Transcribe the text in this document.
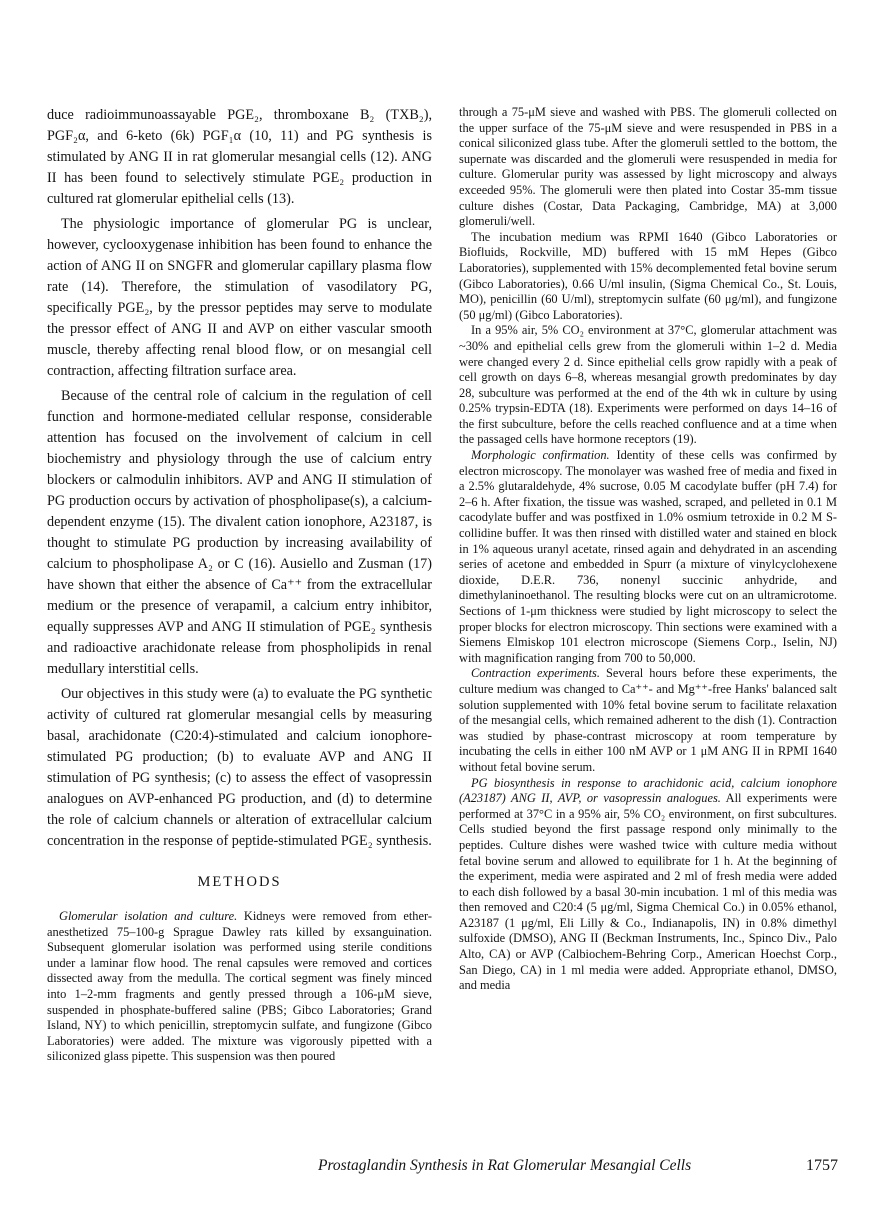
duce radioimmunoassayable PGE₂, thromboxane B₂ (TXB₂), PGF₂α, and 6-keto (6k) PGF₁α (10, 11) and PG synthesis is stimulated by ANG II in rat glomerular mesangial cells (12). ANG II has been found to selectively stimulate PGE₂ production in cultured rat glomerular epithelial cells (13).

The physiologic importance of glomerular PG is unclear, however, cyclooxygenase inhibition has been found to enhance the action of ANG II on SNGFR and glomerular capillary plasma flow rate (14). Therefore, the stimulation of vasodilatory PG, specifically PGE₂, by the pressor peptides may serve to modulate the pressor effect of ANG II and AVP on either vascular smooth muscle, thereby affecting renal blood flow, or on mesangial cell contraction, affecting filtration surface area.

Because of the central role of calcium in the regulation of cell function and hormone-mediated cellular response, considerable attention has focused on the involvement of calcium in cell biochemistry and physiology through the use of calcium entry blockers or calmodulin inhibitors. AVP and ANG II stimulation of PG production occurs by activation of phospholipase(s), a calcium-dependent enzyme (15). The divalent cation ionophore, A23187, is thought to stimulate PG production by increasing availability of calcium to phospholipase A₂ or C (16). Ausiello and Zusman (17) have shown that either the absence of Ca⁺⁺ from the extracellular medium or the presence of verapamil, a calcium entry inhibitor, equally suppresses AVP and ANG II stimulation of PGE₂ synthesis and radioactive arachidonate release from phospholipids in renal medullary interstitial cells.

Our objectives in this study were (a) to evaluate the PG synthetic activity of cultured rat glomerular mesangial cells by measuring basal, arachidonate (C20:4)-stimulated and calcium ionophore-stimulated PG production; (b) to evaluate AVP and ANG II stimulation of PG synthesis; (c) to assess the effect of vasopressin analogues on AVP-enhanced PG production, and (d) to determine the role of calcium channels or alteration of extracellular calcium concentration in the response of peptide-stimulated PGE₂ synthesis.

METHODS

Glomerular isolation and culture. Kidneys were removed from ether-anesthetized 75–100-g Sprague Dawley rats killed by exsanguination. Subsequent glomerular isolation was performed using sterile conditions under a laminar flow hood. The renal capsules were removed and cortices dissected away from the medulla. The cortical segment was finely minced into 1–2-mm fragments and gently pressed through a 106-μM sieve, suspended in phosphate-buffered saline (PBS; Gibco Laboratories; Grand Island, NY) to which penicillin, streptomycin sulfate, and fungizone (Gibco Laboratories) were added. The mixture was vigorously pipetted with a siliconized glass pipette. This suspension was then poured

through a 75-μM sieve and washed with PBS. The glomeruli collected on the upper surface of the 75-μM sieve and were resuspended in PBS in a conical siliconized glass tube. After the glomeruli settled to the bottom, the supernate was discarded and the glomeruli were resuspended in media for culture. Glomerular purity was assessed by light microscopy and always exceeded 95%. The glomeruli were then plated into Costar 35-mm tissue culture dishes (Costar, Data Packaging, Cambridge, MA) at 3,000 glomeruli/well.

The incubation medium was RPMI 1640 (Gibco Laboratories or Biofluids, Rockville, MD) buffered with 15 mM Hepes (Gibco Laboratories), supplemented with 15% decomplemented fetal bovine serum (Gibco Laboratories), 0.66 U/ml insulin, (Sigma Chemical Co., St. Louis, MO), penicillin (60 U/ml), streptomycin sulfate (60 μg/ml), and fungizone (50 μg/ml) (Gibco Laboratories).

In a 95% air, 5% CO₂ environment at 37°C, glomerular attachment was ~30% and epithelial cells grew from the glomeruli within 1–2 d. Media were changed every 2 d. Since epithelial cells grow rapidly with a peak of cell growth on days 6–8, whereas mesangial growth predominates by day 28, subculture was performed at the end of the 4th wk in culture by using 0.25% trypsin-EDTA (18). Experiments were performed on days 14–16 of the first subculture, before the cells reached confluence and at a time when the passaged cells have hormone receptors (19).

Morphologic confirmation. Identity of these cells was confirmed by electron microscopy. The monolayer was washed free of media and fixed in a 2.5% glutaraldehyde, 4% sucrose, 0.05 M cacodylate buffer (pH 7.4) for 2–6 h. After fixation, the tissue was washed, scraped, and pelleted in 0.1 M cacodylate buffer and was postfixed in 1.0% osmium tetroxide in 0.2 M S-collidine buffer. It was then rinsed with distilled water and stained en block in 1% aqueous uranyl acetate, rinsed again and dehydrated in an ascending series of acetone and embedded in Spurr (a mixture of vinylcyclohexene dioxide, D.E.R. 736, nonenyl succinic anhydride, and dimethylaninoethanol. The resulting blocks were cut on an ultramicrotome. Sections of 1-μm thickness were studied by light microscopy to select the proper blocks for electron microscopy. Thin sections were examined with a Siemens Elmiskop 101 electron microscope (Siemens Corp., Iselin, NJ) with magnification ranging from 700 to 50,000.

Contraction experiments. Several hours before these experiments, the culture medium was changed to Ca⁺⁺- and Mg⁺⁺-free Hanks' balanced salt solution supplemented with 10% fetal bovine serum to facilitate relaxation of the mesangial cells, which remained adherent to the dish (1). Contraction was studied by phase-contrast microscopy at room temperature by incubating the cells in either 100 nM AVP or 1 μM ANG II in RPMI 1640 without fetal bovine serum.

PG biosynthesis in response to arachidonic acid, calcium ionophore (A23187) ANG II, AVP, or vasopressin analogues. All experiments were performed at 37°C in a 95% air, 5% CO₂ environment, on first subcultures. Cells studied beyond the first passage respond only minimally to the peptides. Culture dishes were washed twice with culture media without fetal bovine serum and allowed to equilibrate for 1 h. At the beginning of the experiment, media were aspirated and 2 ml of fresh media were added to each dish followed by a basal 30-min incubation. 1 ml of this media was then removed and C20:4 (5 μg/ml, Sigma Chemical Co.) in 0.05% ethanol, A23187 (1 μg/ml, Eli Lilly & Co., Indianapolis, IN) in 0.8% dimethyl sulfoxide (DMSO), ANG II (Beckman Instruments, Inc., Spinco Div., Palo Alto, CA) or AVP (Calbiochem-Behring Corp., American Hoechst Corp., San Diego, CA) in 1 ml media were added. Appropriate ethanol, DMSO, and media

Prostaglandin Synthesis in Rat Glomerular Mesangial Cells	1757
